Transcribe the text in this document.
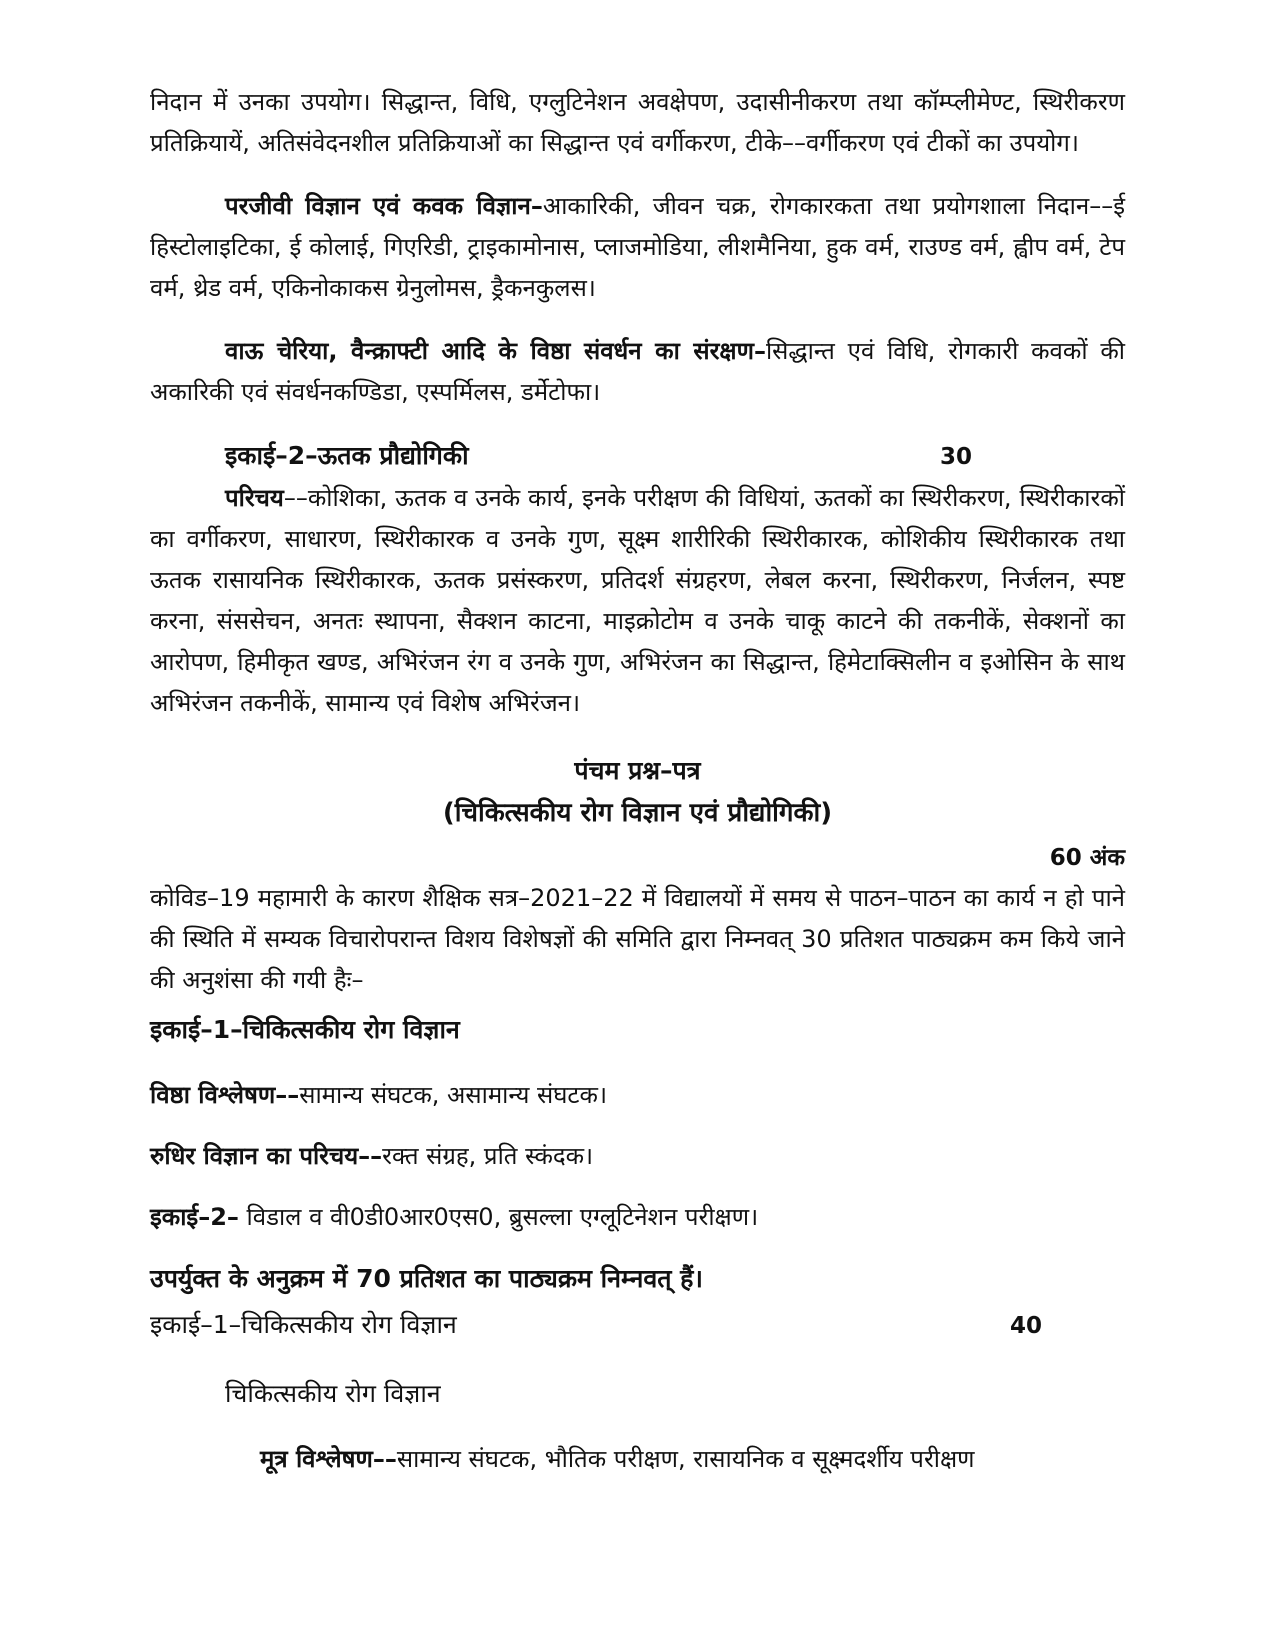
निदान में उनका उपयोग। सिद्धान्त, विधि, एग्लुटिनेशन अवक्षेपण, उदासीनीकरण तथा कॉम्प्लीमेण्ट, स्थिरीकरण प्रतिक्रियायें, अतिसंवेदनशील प्रतिक्रियाओं का सिद्धान्त एवं वर्गीकरण, टीके––वर्गीकरण एवं टीकों का उपयोग।

परजीवी विज्ञान एवं कवक विज्ञान–आकारिकी, जीवन चक्र, रोगकारकता तथा प्रयोगशाला निदान––ई हिस्टोलाइटिका, ई कोलाई, गिएरिडी, ट्राइकामोनास, प्लाजमोडिया, लीशमैनिया, हुक वर्म, राउण्ड वर्म, ह्वीप वर्म, टेप वर्म, थ्रेड वर्म, एकिनोकाकस ग्रेनुलोमस, ड्रैकनकुलस।

वाऊ चेरिया, वैन्क्राफ्टी आदि के विष्ठा संवर्धन का संरक्षण–सिद्धान्त एवं विधि, रोगकारी कवकों की अकारिकी एवं संवर्धनकण्डिडा, एस्पर्मिलस, डर्मेटोफा।

इकाई–2–ऊतक प्रौद्योगिकी	30

परिचय––कोशिका, ऊतक व उनके कार्य, इनके परीक्षण की विधियां, ऊतकों का स्थिरीकरण, स्थिरीकारकों का वर्गीकरण, साधारण, स्थिरीकारक व उनके गुण, सूक्ष्म शारीरिकी स्थिरीकारक, कोशिकीय स्थिरीकारक तथा ऊतक रासायनिक स्थिरीकारक, ऊतक प्रसंस्करण, प्रतिदर्श संग्रहरण, लेबल करना, स्थिरीकरण, निर्जलन, स्पष्ट करना, संससेचन, अनतः स्थापना, सैक्शन काटना, माइक्रोटोम व उनके चाकू काटने की तकनीकें, सेक्शनों का आरोपण, हिमीकृत खण्ड, अभिरंजन रंग व उनके गुण, अभिरंजन का सिद्धान्त, हिमेटाक्सिलीन व इओसिन के साथ अभिरंजन तकनीकें, सामान्य एवं विशेष अभिरंजन।

पंचम प्रश्न–पत्र
(चिकित्सकीय रोग विज्ञान एवं प्रौद्योगिकी)
60 अंक

कोविड–19 महामारी के कारण शैक्षिक सत्र–2021–22 में विद्यालयों में समय से पाठन–पाठन का कार्य न हो पाने की स्थिति में सम्यक विचारोपरान्त विशय विशेषज्ञों की समिति द्वारा निम्नवत् 30 प्रतिशत पाठ्यक्रम कम किये जाने की अनुशंसा की गयी हैः–

इकाई–1–चिकित्सकीय रोग विज्ञान

विष्ठा विश्लेषण––सामान्य संघटक, असामान्य संघटक।

रुधिर विज्ञान का परिचय––रक्त संग्रह, प्रति स्कंदक।

इकाई–2– विडाल व वी0डी0आर0एस0, ब्रुसल्ला एग्लूटिनेशन परीक्षण।

उपर्युक्त के अनुक्रम में 70 प्रतिशत का पाठ्यक्रम निम्नवत् हैं।
इकाई–1–चिकित्सकीय रोग विज्ञान	40
चिकित्सकीय रोग विज्ञान

मूत्र विश्लेषण––सामान्य संघटक, भौतिक परीक्षण, रासायनिक व सूक्ष्मदर्शीय परीक्षण
